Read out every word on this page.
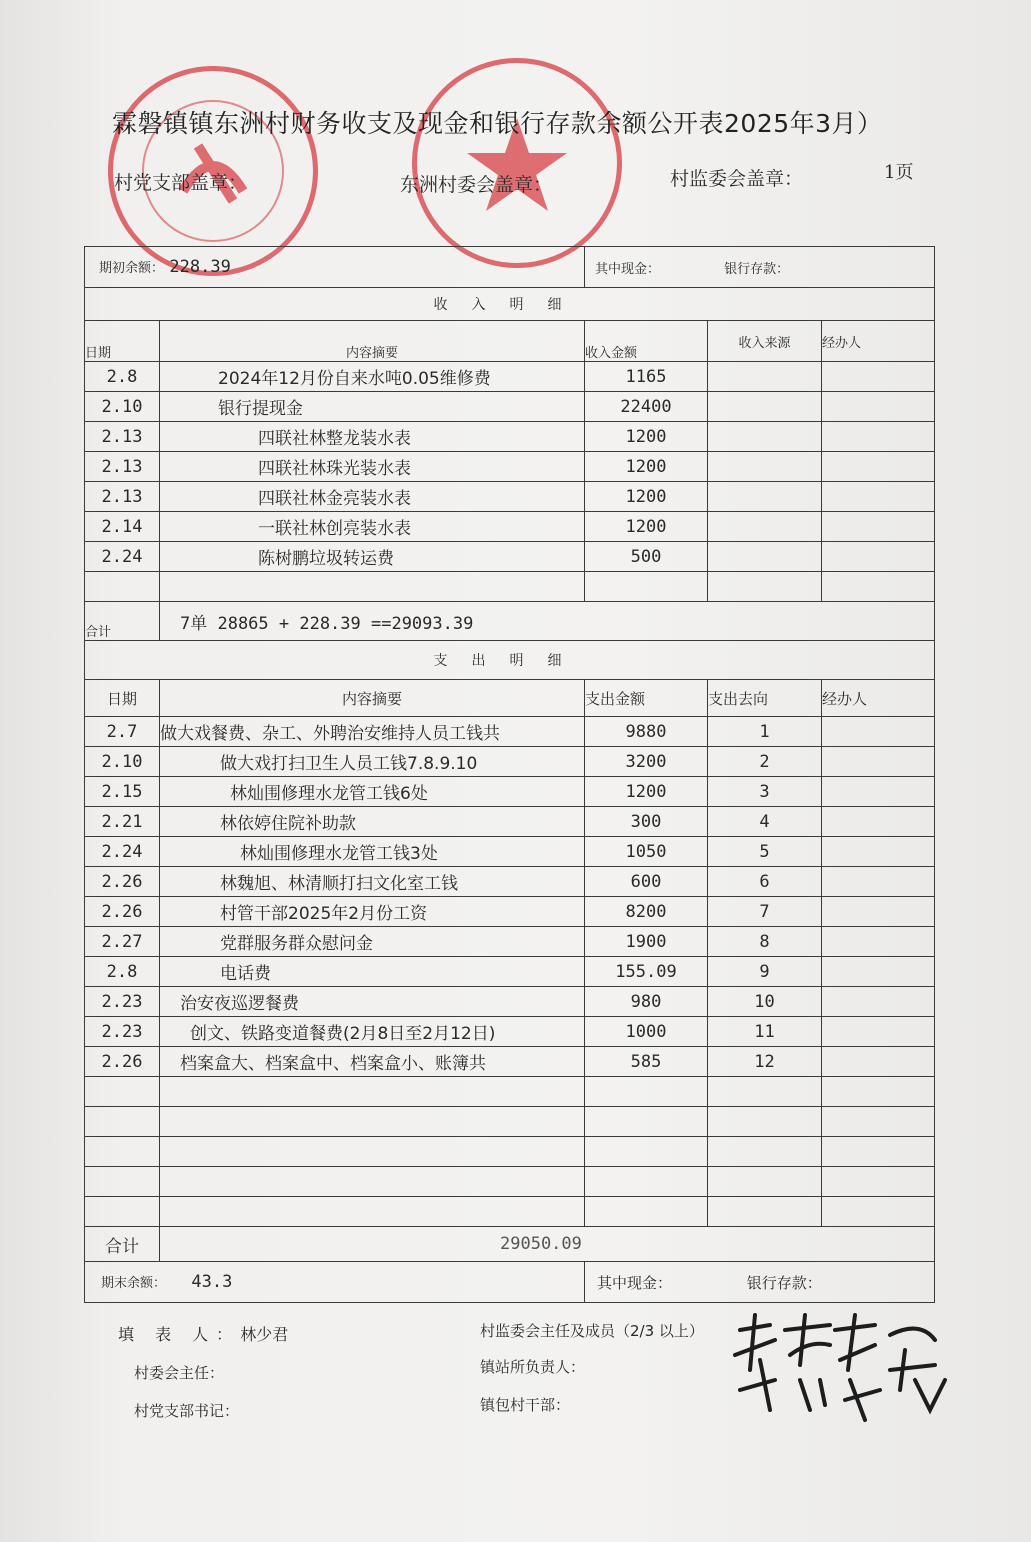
霖磐镇镇东洲村财务收支及现金和银行存款余额公开表2025年3月）
1页
村党支部盖章：	东洲村委会盖章：	村监委会盖章：
期初余额： 228.39		其中现金： 银行存款：		
收入明细				
日期	内容摘要	收入金额	收入来源	经办人
2.8	2024年12月份自来水吨0.05维修费	1165		
2.10	银行提现金	22400		
2.13	四联社林整龙装水表	1200		
2.13	四联社林珠光装水表	1200		
2.13	四联社林金亮装水表	1200		
2.14	一联社林创亮装水表	1200		
2.24	陈树鹏垃圾转运费	500		

合计	7单 28865 + 228.39 ==29093.39			
支出明细				
日期	内容摘要	支出金额	支出去向	经办人
2.7	做大戏餐费、杂工、外聘治安维持人员工钱共	9880	1	
2.10	做大戏打扫卫生人员工钱7.8.9.10	3200	2	
2.15	林灿围修理水龙管工钱6处	1200	3	
2.21	林依婷住院补助款	300	4	
2.24	林灿围修理水龙管工钱3处	1050	5	
2.26	林魏旭、林清顺打扫文化室工钱	600	6	
2.26	村管干部2025年2月份工资	8200	7	
2.27	党群服务群众慰问金	1900	8	
2.8	电话费	155.09	9	
2.23	治安夜巡逻餐费	980	10	
2.23	创文、铁路变道餐费(2月8日至2月12日)	1000	11	
2.26	档案盒大、档案盒中、档案盒小、账簿共	585	12	

合计	29050.09			
期末余额： 43.3		其中现金： 银行存款：		
填 表 人：林少君	村监委会主任及成员（2/3 以上）
村委会主任：	镇站所负责人：
村党支部书记：	镇包村干部：
